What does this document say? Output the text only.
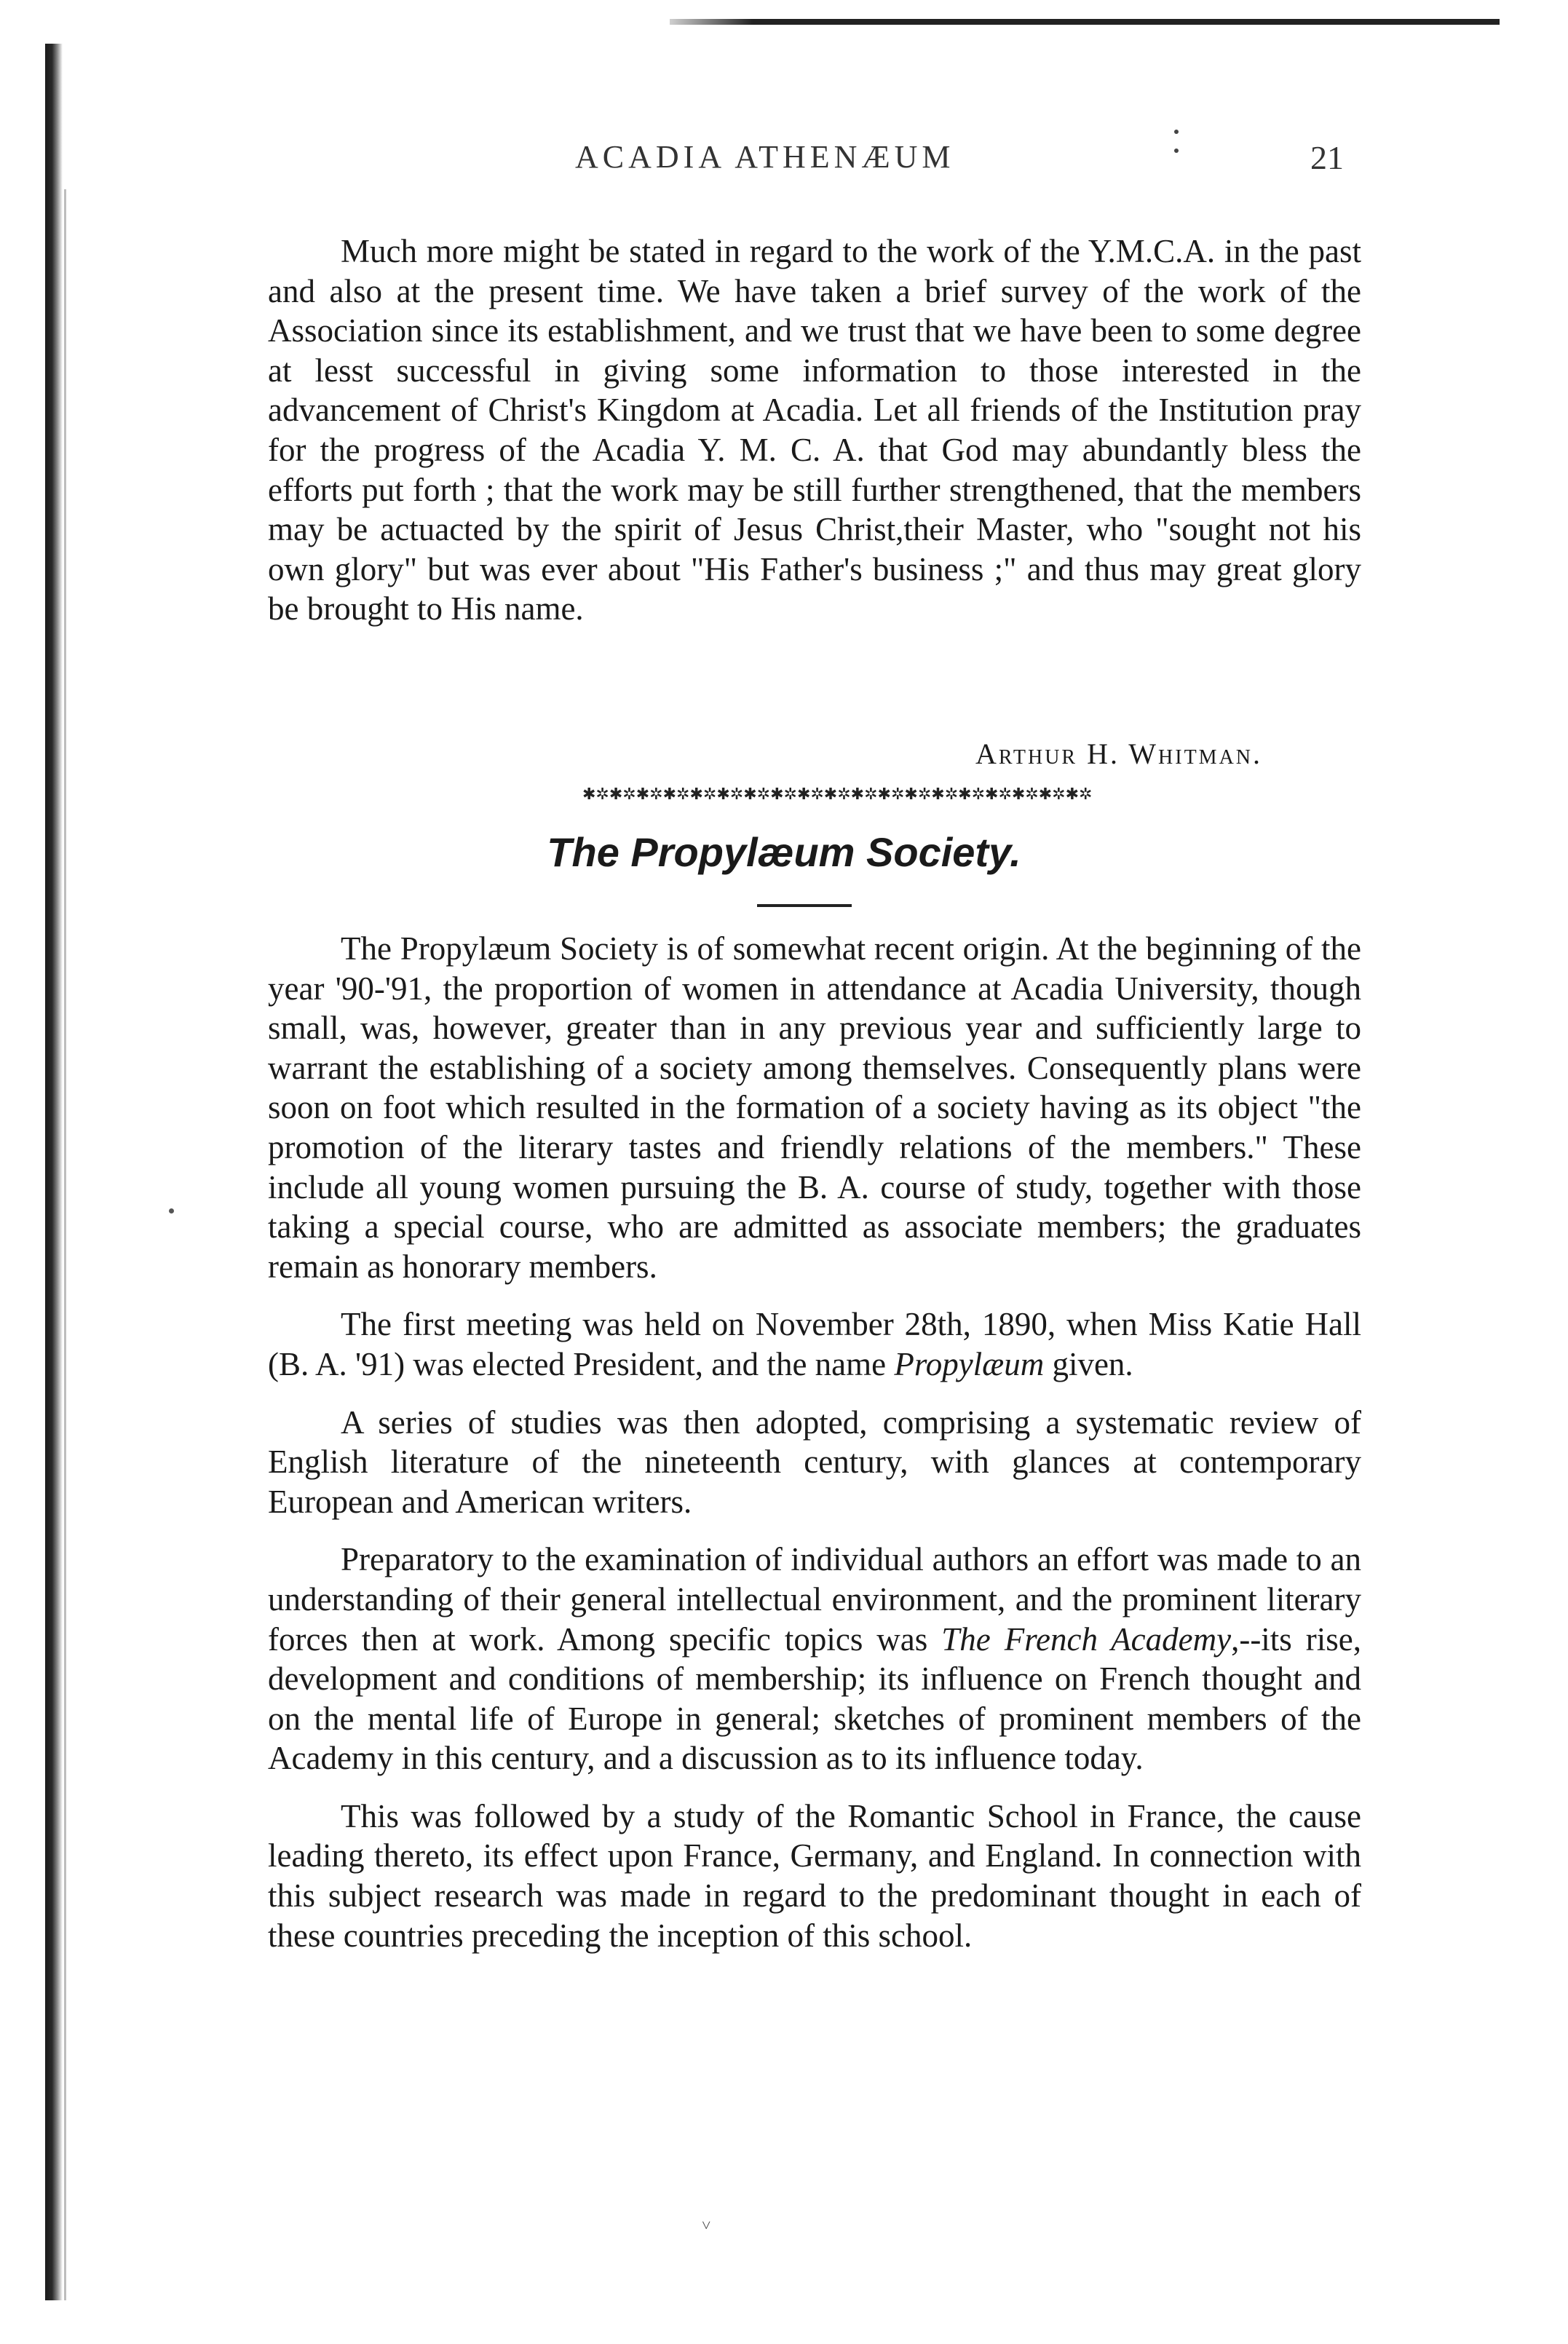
ACADIA ATHENÆUM	21

Much more might be stated in regard to the work of the Y.M.C.A. in the past and also at the present time. We have taken a brief survey of the work of the Association since its establishment, and we trust that we have been to some degree at lesst successful in giving some information to those interested in the advancement of Christ's Kingdom at Acadia. Let all friends of the Institution pray for the progress of the Acadia Y. M. C. A. that God may abundantly bless the efforts put forth ; that the work may be still further strengthened, that the members may be actuacted by the spirit of Jesus Christ,their Master, who "sought not his own glory" but was ever about "His Father's business ;" and thus may great glory be brought to His name.

Arthur H. Whitman.
✱✲✱✲✱✲✱✲✱✲✱✲✱✲✱✲✱✲✱✲✱✲✱✲✱✲✱✲✱✲✱✲✱✲✱✲✱✲
The Propylæum Society.

The Propylæum Society is of somewhat recent origin. At the beginning of the year '90-'91, the proportion of women in attendance at Acadia University, though small, was, however, greater than in any previous year and sufficiently large to warrant the establishing of a society among themselves. Consequently plans were soon on foot which resulted in the formation of a society having as its object "the promotion of the literary tastes and friendly relations of the members." These include all young women pursuing the B. A. course of study, together with those taking a special course, who are admitted as associate members; the graduates remain as honorary members.

The first meeting was held on November 28th, 1890, when Miss Katie Hall (B. A. '91) was elected President, and the name Propylæum given.

A series of studies was then adopted, comprising a systematic review of English literature of the nineteenth century, with glances at contemporary European and American writers.

Preparatory to the examination of individual authors an effort was made to an understanding of their general intellectual environment, and the prominent literary forces then at work. Among specific topics was The French Academy,--its rise, development and conditions of membership; its influence on French thought and on the mental life of Europe in general; sketches of prominent members of the Academy in this century, and a discussion as to its influence today.

This was followed by a study of the Romantic School in France, the cause leading thereto, its effect upon France, Germany, and England. In connection with this subject research was made in regard to the predominant thought in each of these countries preceding the inception of this school.

˅
